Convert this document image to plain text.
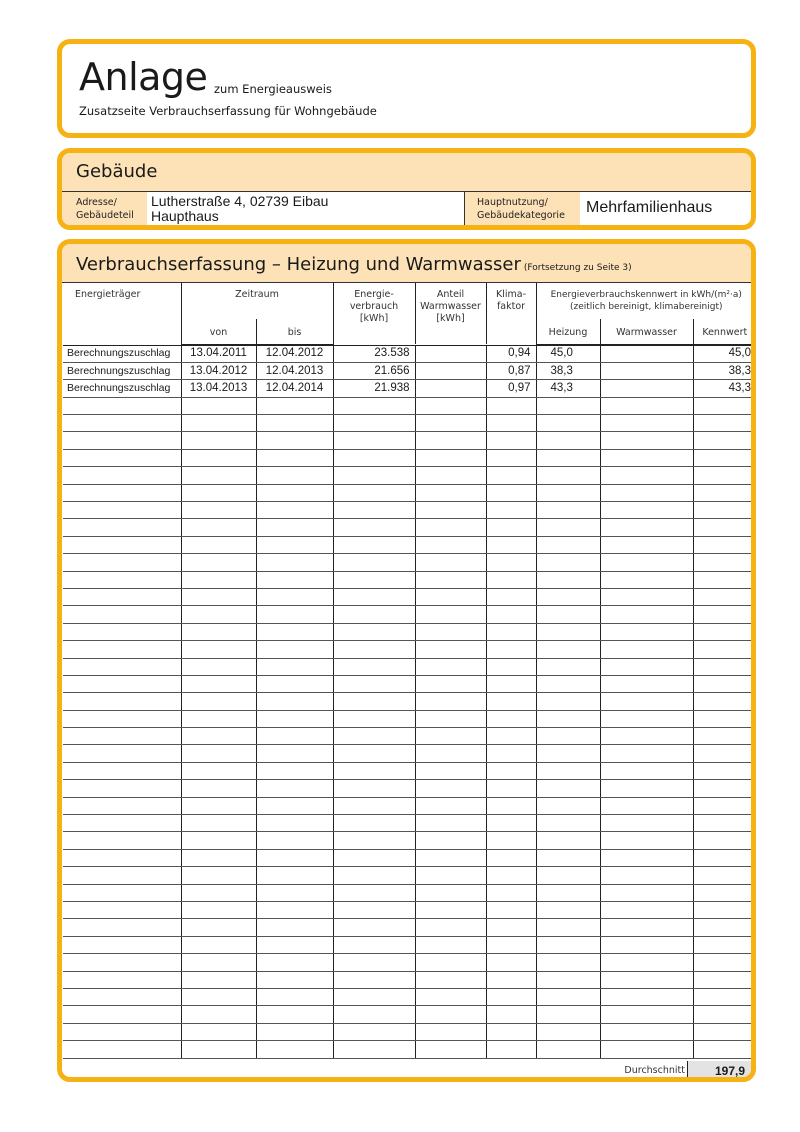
Anlage zum Energieausweis
Zusatzseite Verbrauchserfassung für Wohngebäude
Gebäude
Adresse/
Gebäudeteil
Lutherstraße 4, 02739 Eibau
Haupthaus
Hauptnutzung/
Gebäudekategorie	Mehrfamilienhaus
Verbrauchserfassung – Heizung und Warmwasser (Fortsetzung zu Seite 3)
Energieträger	Zeitraum	Energie-
verbrauch
[kWh]

Anteil
Warmwasser
[kWh]

Klima-
faktor

Energieverbrauchskennwert in kWh/(m²·a)
(zeitlich bereinigt, klimabereinigt)

	von	bis				Heizung	Warmwasser	Kennwert

Berechnungszuschlag	13.04.2011	12.04.2012	23.538		0,94	45,0		45,0
Berechnungszuschlag	13.04.2012	12.04.2013	21.656		0,87	38,3		38,3
Berechnungszuschlag	13.04.2013	12.04.2014	21.938		0,97	43,3		43,3

Durchschnitt	197,9
